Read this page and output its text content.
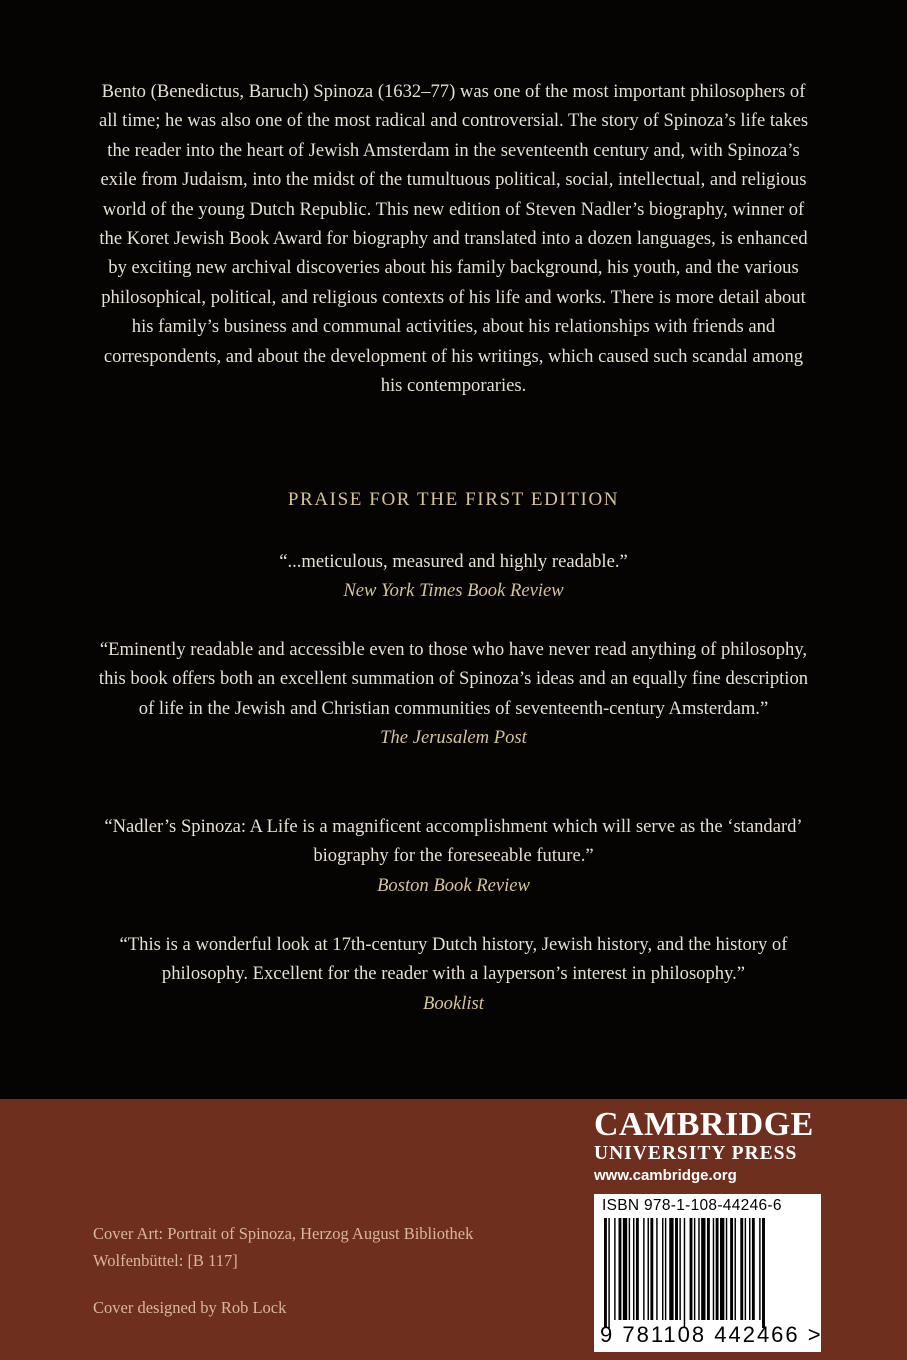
Bento (Benedictus, Baruch) Spinoza (1632–77) was one of the most important philosophers of all time; he was also one of the most radical and controversial. The story of Spinoza’s life takes the reader into the heart of Jewish Amsterdam in the seventeenth century and, with Spinoza’s exile from Judaism, into the midst of the tumultuous political, social, intellectual, and religious world of the young Dutch Republic. This new edition of Steven Nadler’s biography, winner of the Koret Jewish Book Award for biography and translated into a dozen languages, is enhanced by exciting new archival discoveries about his family background, his youth, and the various philosophical, political, and religious contexts of his life and works. There is more detail about his family’s business and communal activities, about his relationships with friends and correspondents, and about the development of his writings, which caused such scandal among his contemporaries.

PRAISE FOR THE FIRST EDITION

“...meticulous, measured and highly readable.”
New York Times Book Review

“Eminently readable and accessible even to those who have never read anything of philosophy, this book offers both an excellent summation of Spinoza’s ideas and an equally fine description of life in the Jewish and Christian communities of seventeenth-century Amsterdam.”
The Jerusalem Post

“Nadler’s Spinoza: A Life is a magnificent accomplishment which will serve as the ‘standard’ biography for the foreseeable future.”
Boston Book Review

“This is a wonderful look at 17th-century Dutch history, Jewish history, and the history of philosophy. Excellent for the reader with a layperson’s interest in philosophy.”
Booklist

Cover Art: Portrait of Spinoza, Herzog August Bibliothek
Wolfenbüttel: [B 117]
Cover designed by Rob Lock
CAMBRIDGE
UNIVERSITY PRESS
www.cambridge.org
ISBN 978-1-108-44246-6
9 781108 442466 >
